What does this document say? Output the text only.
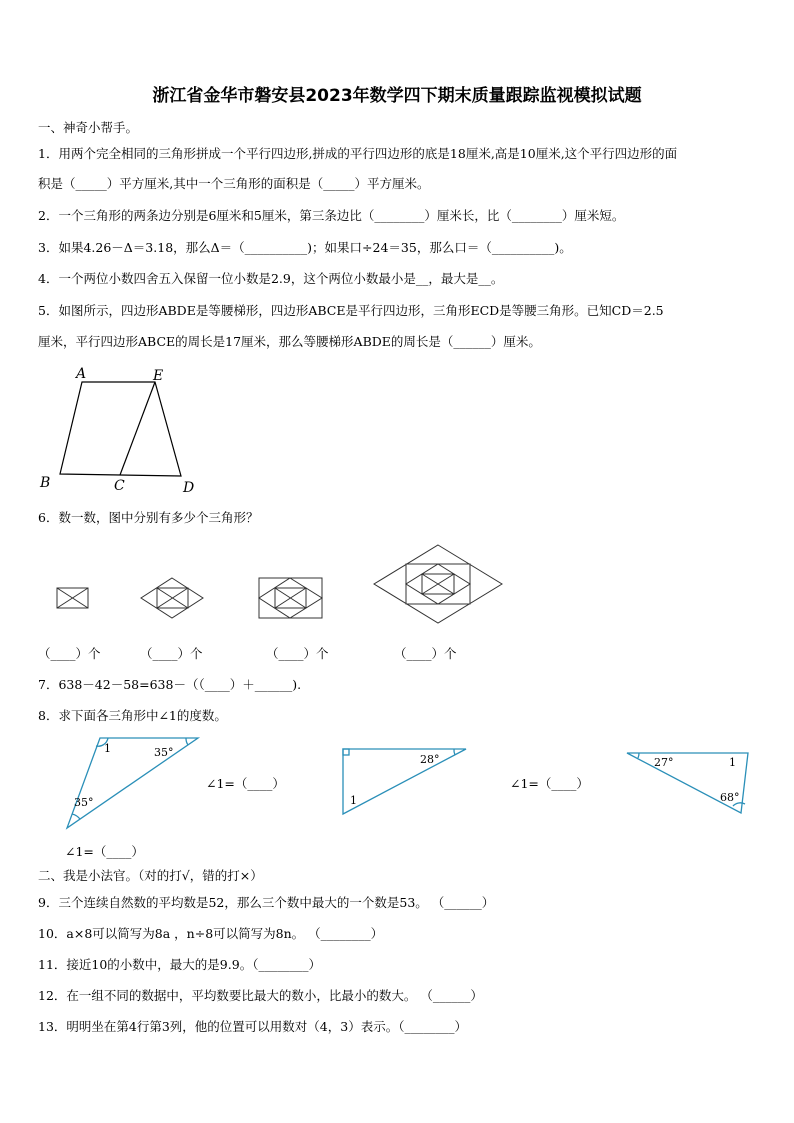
浙江省金华市磐安县2023年数学四下期末质量跟踪监视模拟试题
一、神奇小帮手。
1．用两个完全相同的三角形拼成一个平行四边形,拼成的平行四边形的底是18厘米,高是10厘米,这个平行四边形的面
积是（_____）平方厘米,其中一个三角形的面积是（_____）平方厘米。
2．一个三角形的两条边分别是6厘米和5厘米，第三条边比（________）厘米长，比（________）厘米短。
3．如果4.26－Δ＝3.18，那么Δ＝（__________)；如果口÷24＝35，那么口＝（__________)。
4．一个两位小数四舍五入保留一位小数是2.9，这个两位小数最小是__，最大是__。
5．如图所示，四边形ABDE是等腰梯形，四边形ABCE是平行四边形，三角形ECD是等腰三角形。已知CD＝2.5
厘米，平行四边形ABCE的周长是17厘米，那么等腰梯形ABDE的周长是（______）厘米。
A	E
B	C	D
1	35°
35°
28°
1
27°	1
68°
6．数一数，图中分别有多少个三角形？
（____）个	（____）个	（____）个	（____）个
7．638－42－58=638－（（____）＋______).
8．求下面各三角形中∠1的度数。
∠1=（____）	∠1=（____）
∠1=（____）
二、我是小法官。（对的打√，错的打×）
9．三个连续自然数的平均数是52，那么三个数中最大的一个数是53。 （______）
10．a×8可以简写为8a ，n÷8可以简写为8n。 （________）
11．接近10的小数中，最大的是9.9。（________）
12．在一组不同的数据中，平均数要比最大的数小，比最小的数大。 （______）
13．明明坐在第4行第3列，他的位置可以用数对（4，3）表示。（________）
